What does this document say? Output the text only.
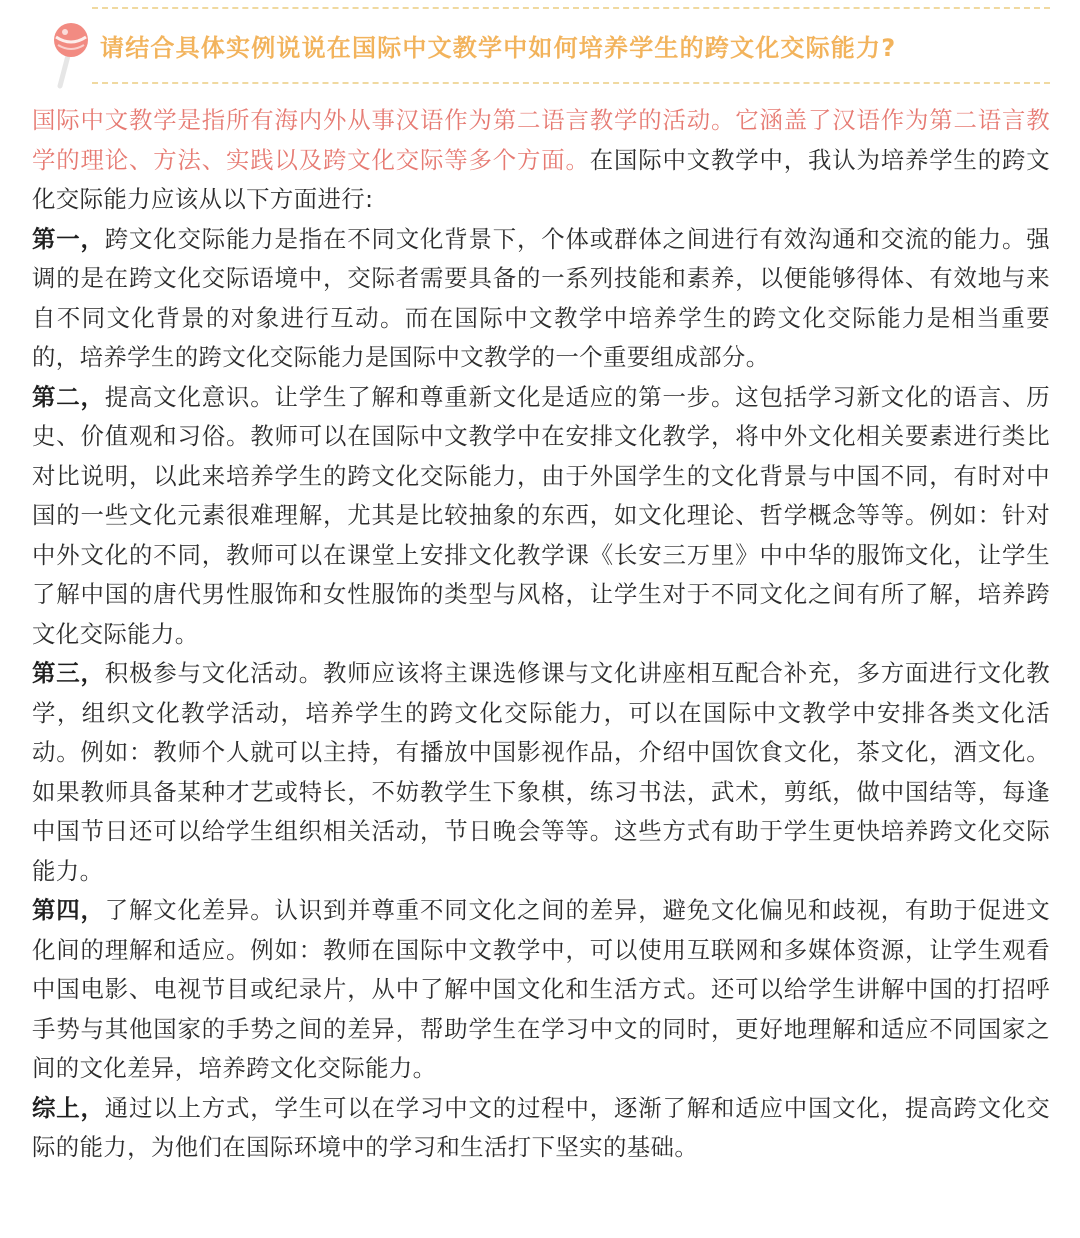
请结合具体实例说说在国际中文教学中如何培养学生的跨文化交际能力?

国际中文教学是指所有海内外从事汉语作为第二语言教学的活动。它涵盖了汉语作为第二语言教学的理论、方法、实践以及跨文化交际等多个方面。在国际中文教学中，我认为培养学生的跨文化交际能力应该从以下方面进行:

第一，跨文化交际能力是指在不同文化背景下，个体或群体之间进行有效沟通和交流的能力。强调的是在跨文化交际语境中，交际者需要具备的一系列技能和素养，以便能够得体、有效地与来自不同文化背景的对象进行互动。而在国际中文教学中培养学生的跨文化交际能力是相当重要的，培养学生的跨文化交际能力是国际中文教学的一个重要组成部分。

第二，提高文化意识。让学生了解和尊重新文化是适应的第一步。这包括学习新文化的语言、历史、价值观和习俗。教师可以在国际中文教学中在安排文化教学，将中外文化相关要素进行类比对比说明，以此来培养学生的跨文化交际能力，由于外国学生的文化背景与中国不同，有时对中国的一些文化元素很难理解，尤其是比较抽象的东西，如文化理论、哲学概念等等。例如：针对中外文化的不同，教师可以在课堂上安排文化教学课《长安三万里》中中华的服饰文化，让学生了解中国的唐代男性服饰和女性服饰的类型与风格，让学生对于不同文化之间有所了解，培养跨文化交际能力。

第三，积极参与文化活动。教师应该将主课选修课与文化讲座相互配合补充，多方面进行文化教学，组织文化教学活动，培养学生的跨文化交际能力，可以在国际中文教学中安排各类文化活动。例如：教师个人就可以主持，有播放中国影视作品，介绍中国饮食文化，茶文化，酒文化。如果教师具备某种才艺或特长，不妨教学生下象棋，练习书法，武术，剪纸，做中国结等，每逢中国节日还可以给学生组织相关活动，节日晚会等等。这些方式有助于学生更快培养跨文化交际能力。

第四，了解文化差异。认识到并尊重不同文化之间的差异，避免文化偏见和歧视，有助于促进文化间的理解和适应。例如：教师在国际中文教学中，可以使用互联网和多媒体资源，让学生观看中国电影、电视节目或纪录片，从中了解中国文化和生活方式。还可以给学生讲解中国的打招呼手势与其他国家的手势之间的差异，帮助学生在学习中文的同时，更好地理解和适应不同国家之间的文化差异，培养跨文化交际能力。

综上，通过以上方式，学生可以在学习中文的过程中，逐渐了解和适应中国文化，提高跨文化交际的能力，为他们在国际环境中的学习和生活打下坚实的基础。
